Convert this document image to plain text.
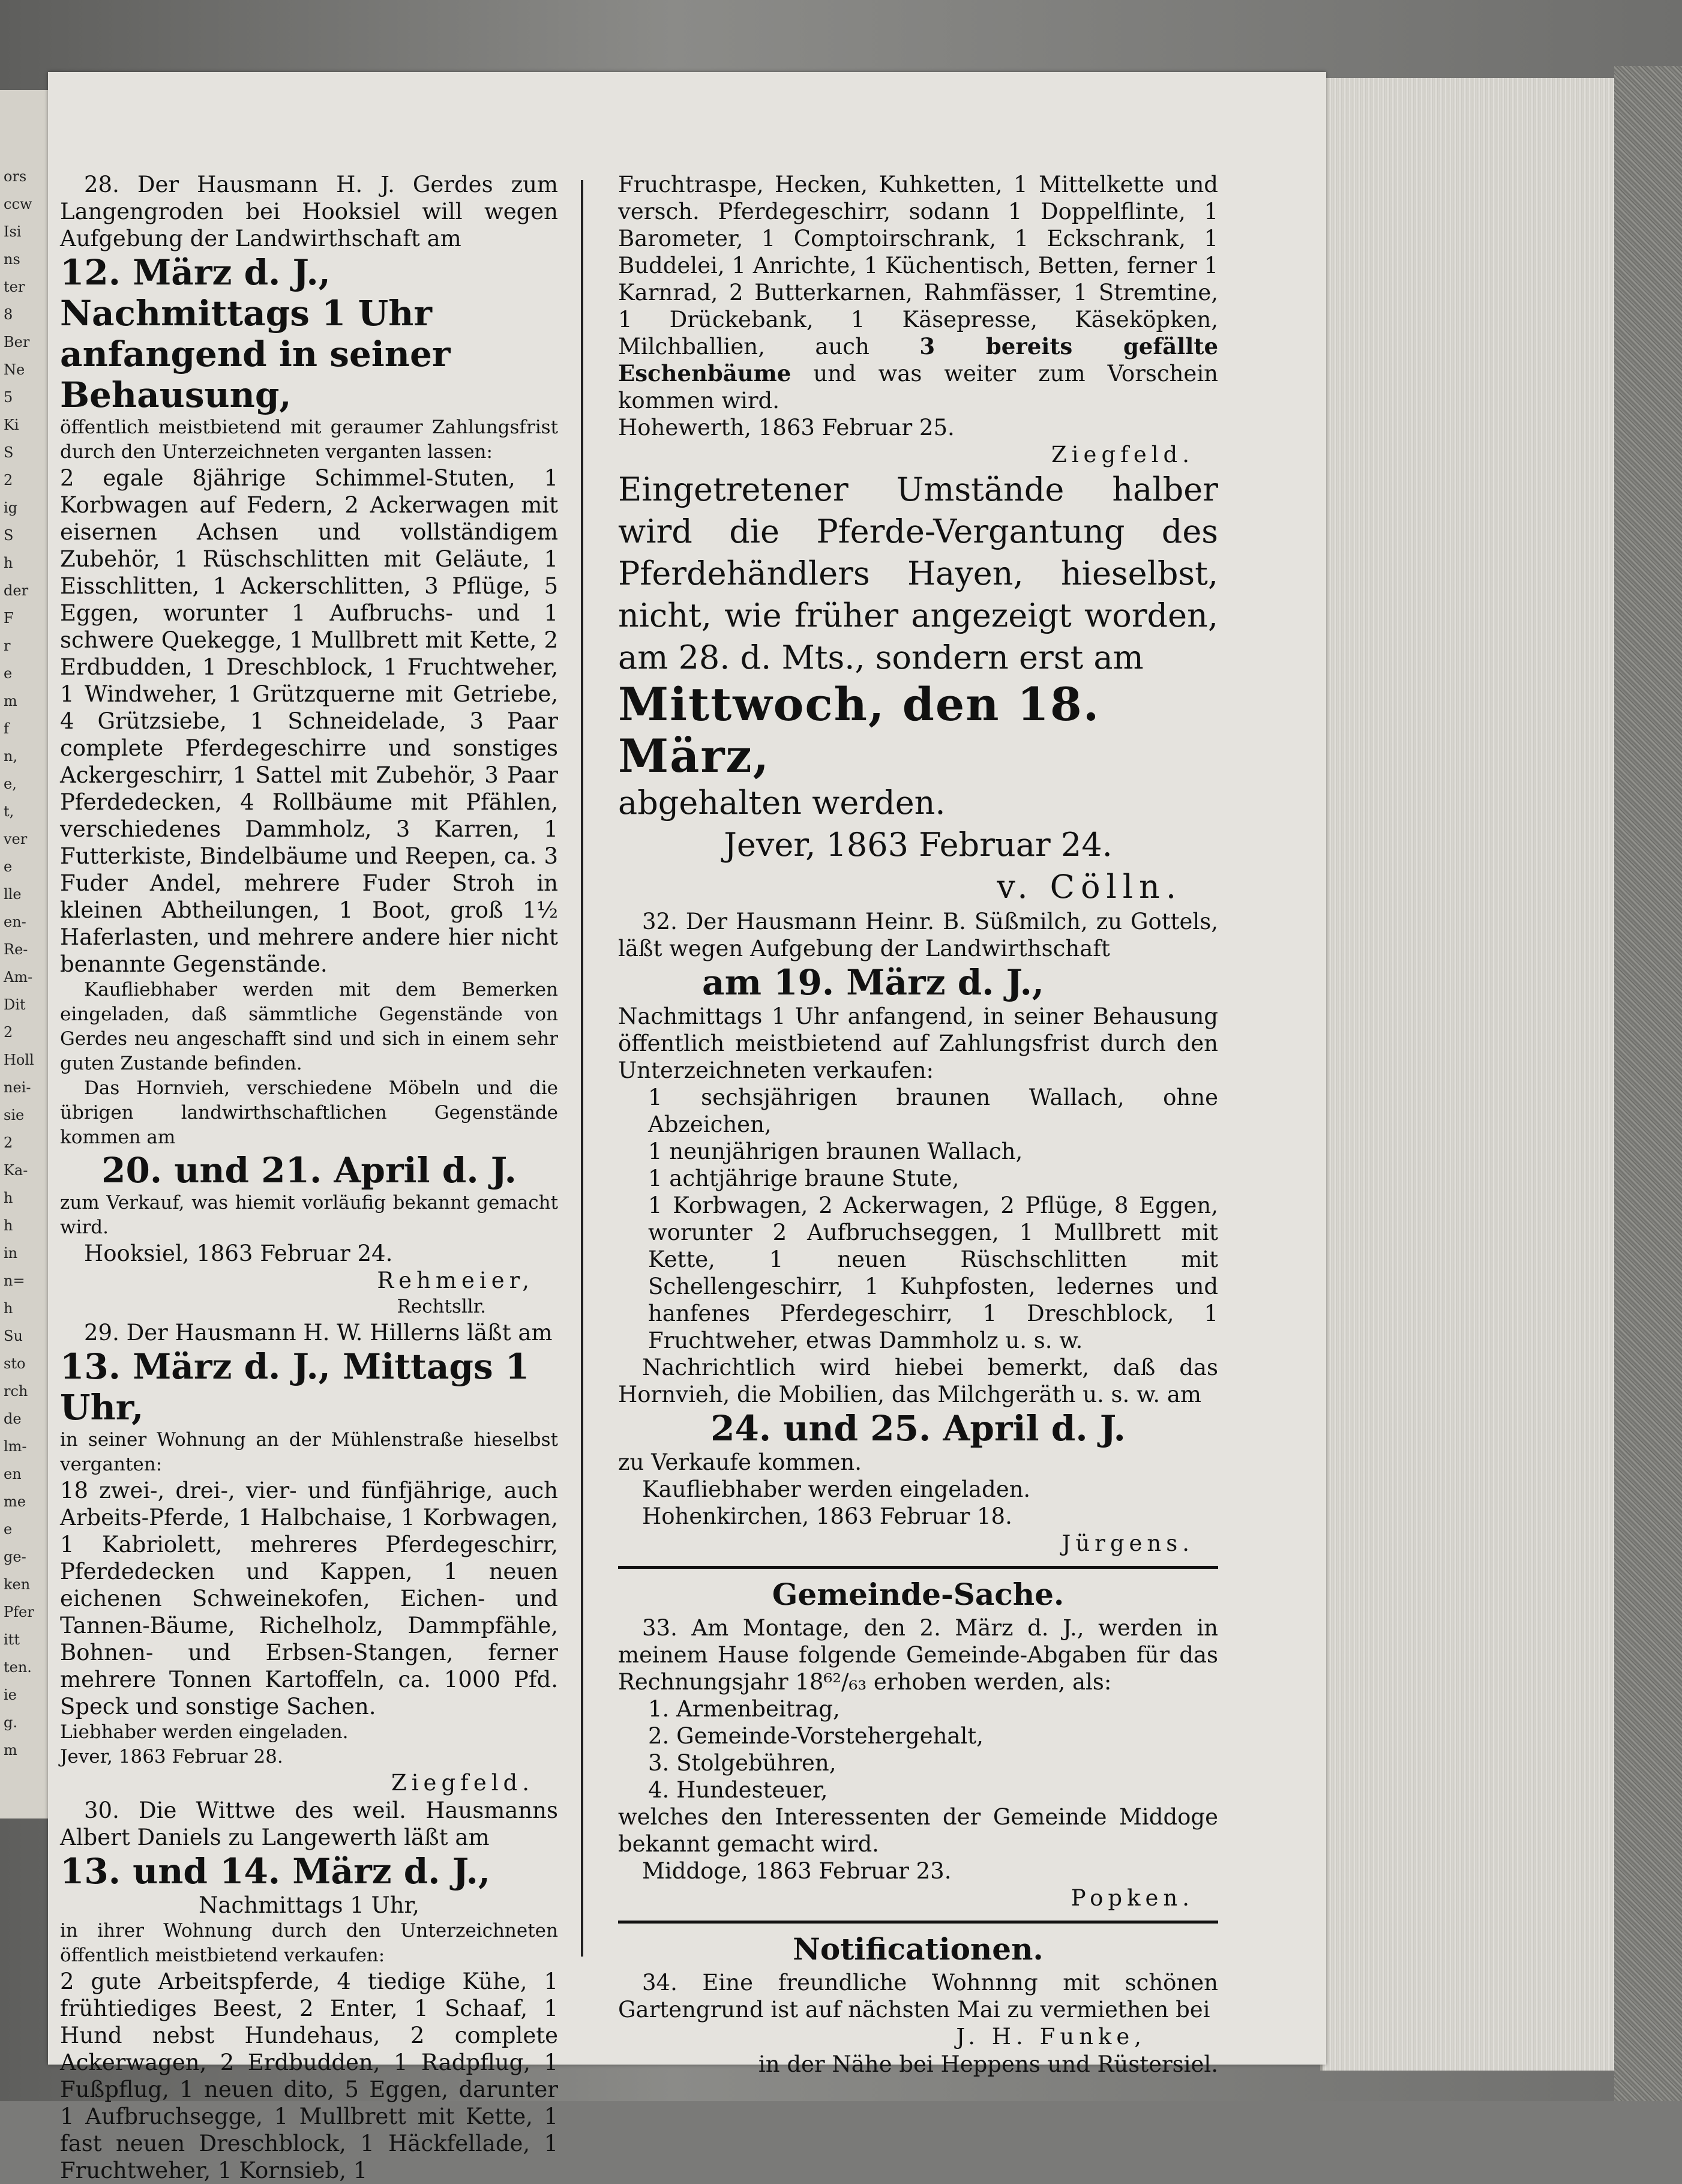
28. Der Hausmann H. J. Gerdes zum Langengroden bei Hooksiel will wegen Aufgebung der Landwirthschaft am

12. März d. J., Nachmittags 1 Uhr anfangend in seiner Behausung,

öffentlich meistbietend mit geraumer Zahlungsfrist durch den Unterzeichneten verganten lassen:

2 egale 8jährige Schimmel-Stuten, 1 Korbwagen auf Federn, 2 Ackerwagen mit eisernen Achsen und vollständigem Zubehör, 1 Rüschschlitten mit Geläute, 1 Eisschlitten, 1 Ackerschlitten, 3 Pflüge, 5 Eggen, worunter 1 Aufbruchs- und 1 schwere Quekegge, 1 Mullbrett mit Kette, 2 Erdbudden, 1 Dreschblock, 1 Fruchtweher, 1 Windweher, 1 Grützquerne mit Getriebe, 4 Grützsiebe, 1 Schneidelade, 3 Paar complete Pferdegeschirre und sonstiges Ackergeschirr, 1 Sattel mit Zubehör, 3 Paar Pferdedecken, 4 Rollbäume mit Pfählen, verschiedenes Dammholz, 3 Karren, 1 Futterkiste, Bindelbäume und Reepen, ca. 3 Fuder Andel, mehrere Fuder Stroh in kleinen Abtheilungen, 1 Boot, groß 1½ Haferlasten, und mehrere andere hier nicht benannte Gegenstände.

Kaufliebhaber werden mit dem Bemerken eingeladen, daß sämmtliche Gegenstände von Gerdes neu angeschafft sind und sich in einem sehr guten Zustande befinden.

Das Hornvieh, verschiedene Möbeln und die übrigen landwirthschaftlichen Gegenstände kommen am

20. und 21. April d. J.

zum Verkauf, was hiemit vorläufig bekannt gemacht wird.

Hooksiel, 1863 Februar 24.

Rehmeier,

Rechtsllr.

29. Der Hausmann H. W. Hillerns läßt am

13. März d. J., Mittags 1 Uhr,

in seiner Wohnung an der Mühlenstraße hieselbst verganten:

18 zwei-, drei-, vier- und fünfjährige, auch Arbeits-Pferde, 1 Halbchaise, 1 Korbwagen, 1 Kabriolett, mehreres Pferdegeschirr, Pferdedecken und Kappen, 1 neuen eichenen Schweinekofen, Eichen- und Tannen-Bäume, Richelholz, Dammpfähle, Bohnen- und Erbsen-Stangen, ferner mehrere Tonnen Kartoffeln, ca. 1000 Pfd. Speck und sonstige Sachen.

Liebhaber werden eingeladen.

Jever, 1863 Februar 28.

Ziegfeld.

30. Die Wittwe des weil. Hausmanns Albert Daniels zu Langewerth läßt am

13. und 14. März d. J.,

Nachmittags 1 Uhr,

in ihrer Wohnung durch den Unterzeichneten öffentlich meistbietend verkaufen:

2 gute Arbeitspferde, 4 tiedige Kühe, 1 frühtiediges Beest, 2 Enter, 1 Schaaf, 1 Hund nebst Hundehaus, 2 complete Ackerwagen, 2 Erdbudden, 1 Radpflug, 1 Fußpflug, 1 neuen dito, 5 Eggen, darunter 1 Aufbruchsegge, 1 Mullbrett mit Kette, 1 fast neuen Dreschblock, 1 Häckfellade, 1 Fruchtweher, 1 Kornsieb, 1

Fruchtraspe, Hecken, Kuhketten, 1 Mittelkette und versch. Pferdegeschirr, sodann 1 Doppelflinte, 1 Barometer, 1 Comptoirschrank, 1 Eckschrank, 1 Buddelei, 1 Anrichte, 1 Küchentisch, Betten, ferner 1 Karnrad, 2 Butterkarnen, Rahmfässer, 1 Stremtine, 1 Drückebank, 1 Käsepresse, Käseköpken, Milchballien, auch 3 bereits gefällte Eschenbäume und was weiter zum Vorschein kommen wird.

Hohewerth, 1863 Februar 25.

Ziegfeld.

Eingetretener Umstände halber wird die Pferde-Vergantung des Pferdehändlers Hayen, hieselbst, nicht, wie früher angezeigt worden, am 28. d. Mts., sondern erst am

Mittwoch, den 18. März,

abgehalten werden.

Jever, 1863 Februar 24.

v. Cölln.

32. Der Hausmann Heinr. B. Süßmilch, zu Gottels, läßt wegen Aufgebung der Landwirthschaft

am 19. März d. J.,

Nachmittags 1 Uhr anfangend, in seiner Behausung öffentlich meistbietend auf Zahlungsfrist durch den Unterzeichneten verkaufen:

1 sechsjährigen braunen Wallach, ohne Abzeichen,

1 neunjährigen braunen Wallach,

1 achtjährige braune Stute,

1 Korbwagen, 2 Ackerwagen, 2 Pflüge, 8 Eggen, worunter 2 Aufbruchseggen, 1 Mullbrett mit Kette, 1 neuen Rüschschlitten mit Schellengeschirr, 1 Kuhpfosten, ledernes und hanfenes Pferdegeschirr, 1 Dreschblock, 1 Fruchtweher, etwas Dammholz u. s. w.

Nachrichtlich wird hiebei bemerkt, daß das Hornvieh, die Mobilien, das Milchgeräth u. s. w. am

24. und 25. April d. J.

zu Verkaufe kommen.

Kaufliebhaber werden eingeladen.

Hohenkirchen, 1863 Februar 18.

Jürgens.

Gemeinde-Sache.

33. Am Montage, den 2. März d. J., werden in meinem Hause folgende Gemeinde-Abgaben für das Rechnungsjahr 18⁶²/₆₃ erhoben werden, als:

1. Armenbeitrag,

2. Gemeinde-Vorstehergehalt,

3. Stolgebühren,

4. Hundesteuer,

welches den Interessenten der Gemeinde Middoge bekannt gemacht wird.

Middoge, 1863 Februar 23.

Popken.

Notificationen.

34. Eine freundliche Wohnnng mit schönen Gartengrund ist auf nächsten Mai zu vermiethen bei

J. H. Funke,

in der Nähe bei Heppens und Rüstersiel.

ors
ccw
Isi
ns
ter
8
Ber
Ne
5
Ki
S
2
ig
S
h
der
F
r
e
m
f
n,
e,
t,
ver
e
lle
en-
Re-
Am-
Dit
2
Holl
nei-
sie
2
Ka-
h
h
in
n=
h
Su
sto
rch
de
lm-
en
me
e
ge-
ken
Pfer
itt
ten.
ie
g.
m
